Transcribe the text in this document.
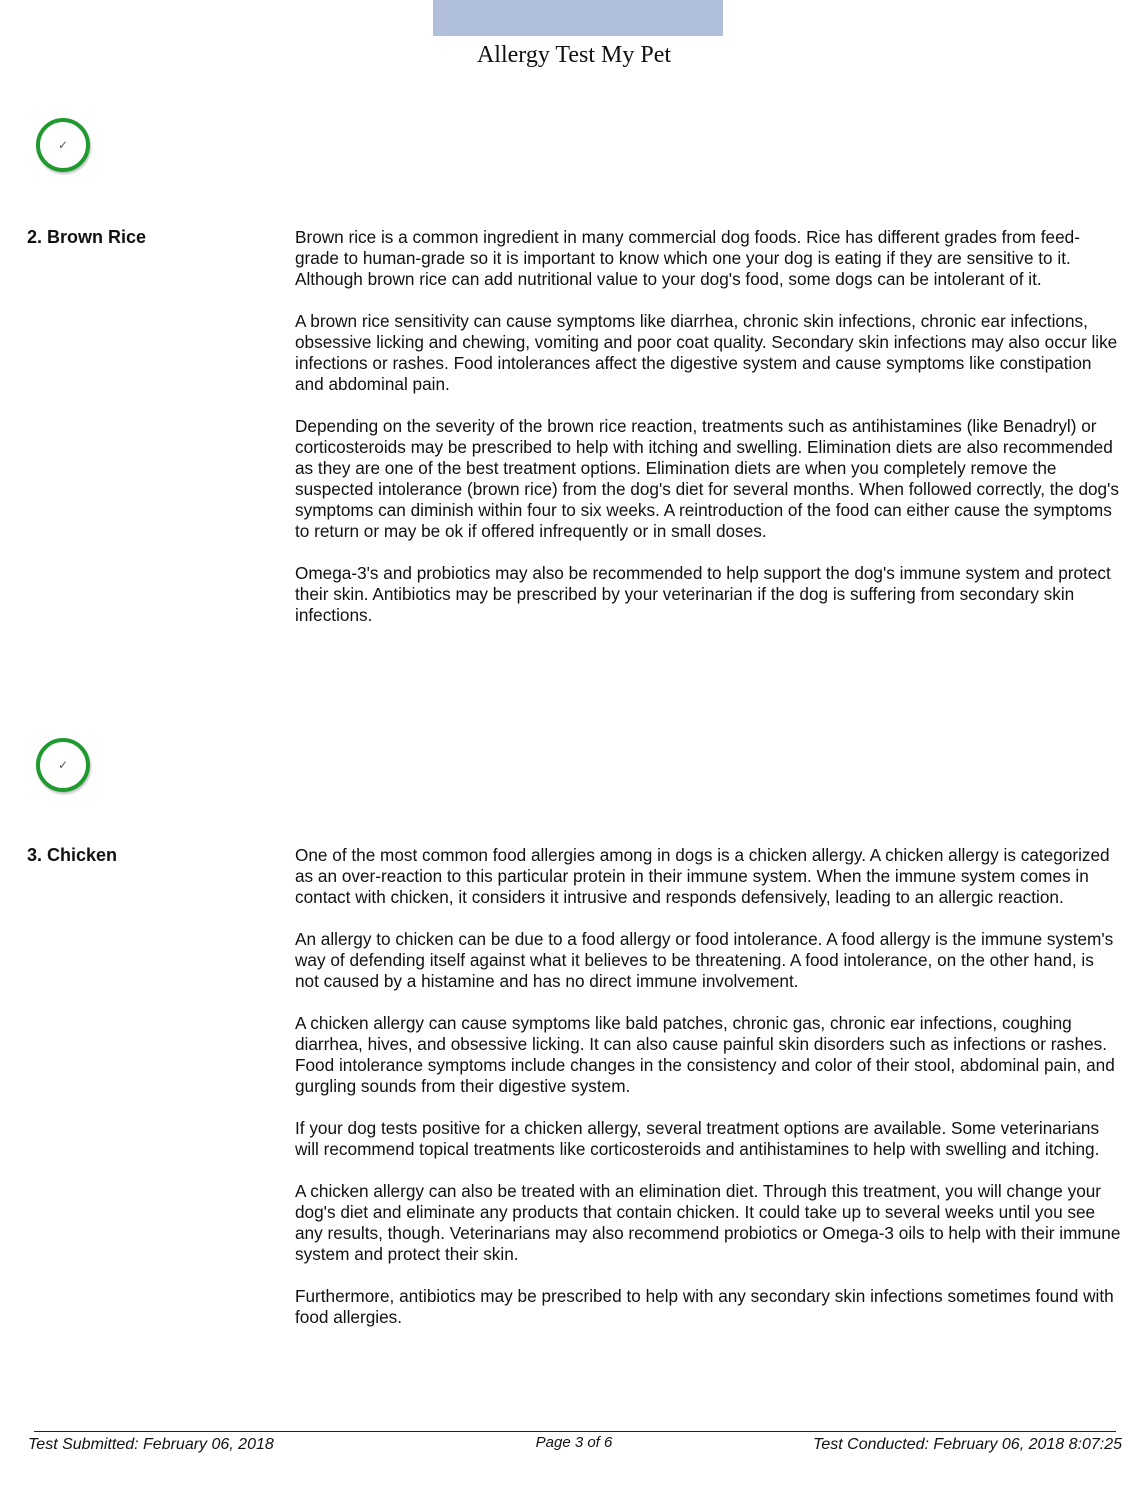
Allergy Test My Pet
✓
2. Brown Rice	Brown rice is a common ingredient in many commercial dog foods. Rice has different grades from feed-grade to human-grade so it is important to know which one your dog is eating if they are sensitive to it. Although brown rice can add nutritional value to your dog's food, some dogs can be intolerant of it.

A brown rice sensitivity can cause symptoms like diarrhea, chronic skin infections, chronic ear infections, obsessive licking and chewing, vomiting and poor coat quality. Secondary skin infections may also occur like infections or rashes. Food intolerances affect the digestive system and cause symptoms like constipation and abdominal pain.

Depending on the severity of the brown rice reaction, treatments such as antihistamines (like Benadryl) or corticosteroids may be prescribed to help with itching and swelling. Elimination diets are also recommended as they are one of the best treatment options. Elimination diets are when you completely remove the suspected intolerance (brown rice) from the dog's diet for several months. When followed correctly, the dog's symptoms can diminish within four to six weeks. A reintroduction of the food can either cause the symptoms to return or may be ok if offered infrequently or in small doses.

Omega-3's and probiotics may also be recommended to help support the dog's immune system and protect their skin. Antibiotics may be prescribed by your veterinarian if the dog is suffering from secondary skin infections.

✓
3. Chicken	One of the most common food allergies among in dogs is a chicken allergy. A chicken allergy is categorized as an over-reaction to this particular protein in their immune system. When the immune system comes in contact with chicken, it considers it intrusive and responds defensively, leading to an allergic reaction.

An allergy to chicken can be due to a food allergy or food intolerance. A food allergy is the immune system's way of defending itself against what it believes to be threatening. A food intolerance, on the other hand, is not caused by a histamine and has no direct immune involvement.

A chicken allergy can cause symptoms like bald patches, chronic gas, chronic ear infections, coughing diarrhea, hives, and obsessive licking. It can also cause painful skin disorders such as infections or rashes. Food intolerance symptoms include changes in the consistency and color of their stool, abdominal pain, and gurgling sounds from their digestive system.

If your dog tests positive for a chicken allergy, several treatment options are available. Some veterinarians will recommend topical treatments like corticosteroids and antihistamines to help with swelling and itching.

A chicken allergy can also be treated with an elimination diet. Through this treatment, you will change your dog's diet and eliminate any products that contain chicken. It could take up to several weeks until you see any results, though. Veterinarians may also recommend probiotics or Omega-3 oils to help with their immune system and protect their skin.

Furthermore, antibiotics may be prescribed to help with any secondary skin infections sometimes found with food allergies.

Test Submitted: February 06, 2018	Page 3 of 6	Test Conducted: February 06, 2018 8:07:25
